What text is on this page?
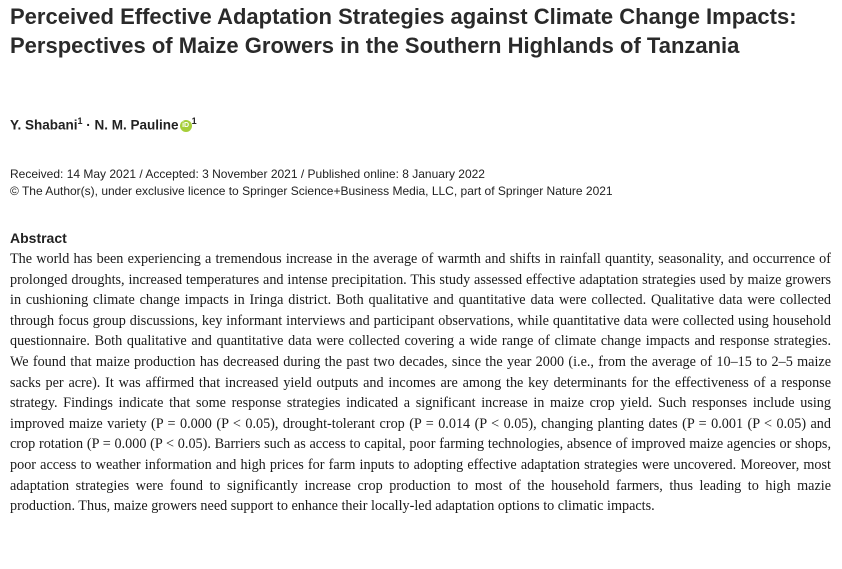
Perceived Effective Adaptation Strategies against Climate Change Impacts: Perspectives of Maize Growers in the Southern Highlands of Tanzania
Y. Shabani$^1$ · N. M. Pauline iD $^1$
Received: 14 May 2021 / Accepted: 3 November 2021 / Published online: 8 January 2022
© The Author(s), under exclusive licence to Springer Science+Business Media, LLC, part of Springer Nature 2021
Abstract

The world has been experiencing a tremendous increase in the average of warmth and shifts in rainfall quantity, seasonality, and occurrence of prolonged droughts, increased temperatures and intense precipitation. This study assessed effective adaptation strategies used by maize growers in cushioning climate change impacts in Iringa district. Both qualitative and quantitative data were collected. Qualitative data were collected through focus group discussions, key informant interviews and participant observations, while quantitative data were collected using household questionnaire. Both qualitative and quantitative data were collected covering a wide range of climate change impacts and response strategies. We found that maize production has decreased during the past two decades, since the year 2000 (i.e., from the average of 10–15 to 2–5 maize sacks per acre). It was affirmed that increased yield outputs and incomes are among the key determinants for the effectiveness of a response strategy. Findings indicate that some response strategies indicated a significant increase in maize crop yield. Such responses include using improved maize variety (P = 0.000 (P < 0.05), drought-tolerant crop (P = 0.014 (P < 0.05), changing planting dates (P = 0.001 (P < 0.05) and crop rotation (P = 0.000 (P < 0.05). Barriers such as access to capital, poor farming technologies, absence of improved maize agencies or shops, poor access to weather information and high prices for farm inputs to adopting effective adaptation strategies were uncovered. Moreover, most adaptation strategies were found to significantly increase crop production to most of the household farmers, thus leading to high mazie production. Thus, maize growers need support to enhance their locally-led adaptation options to climatic impacts.
